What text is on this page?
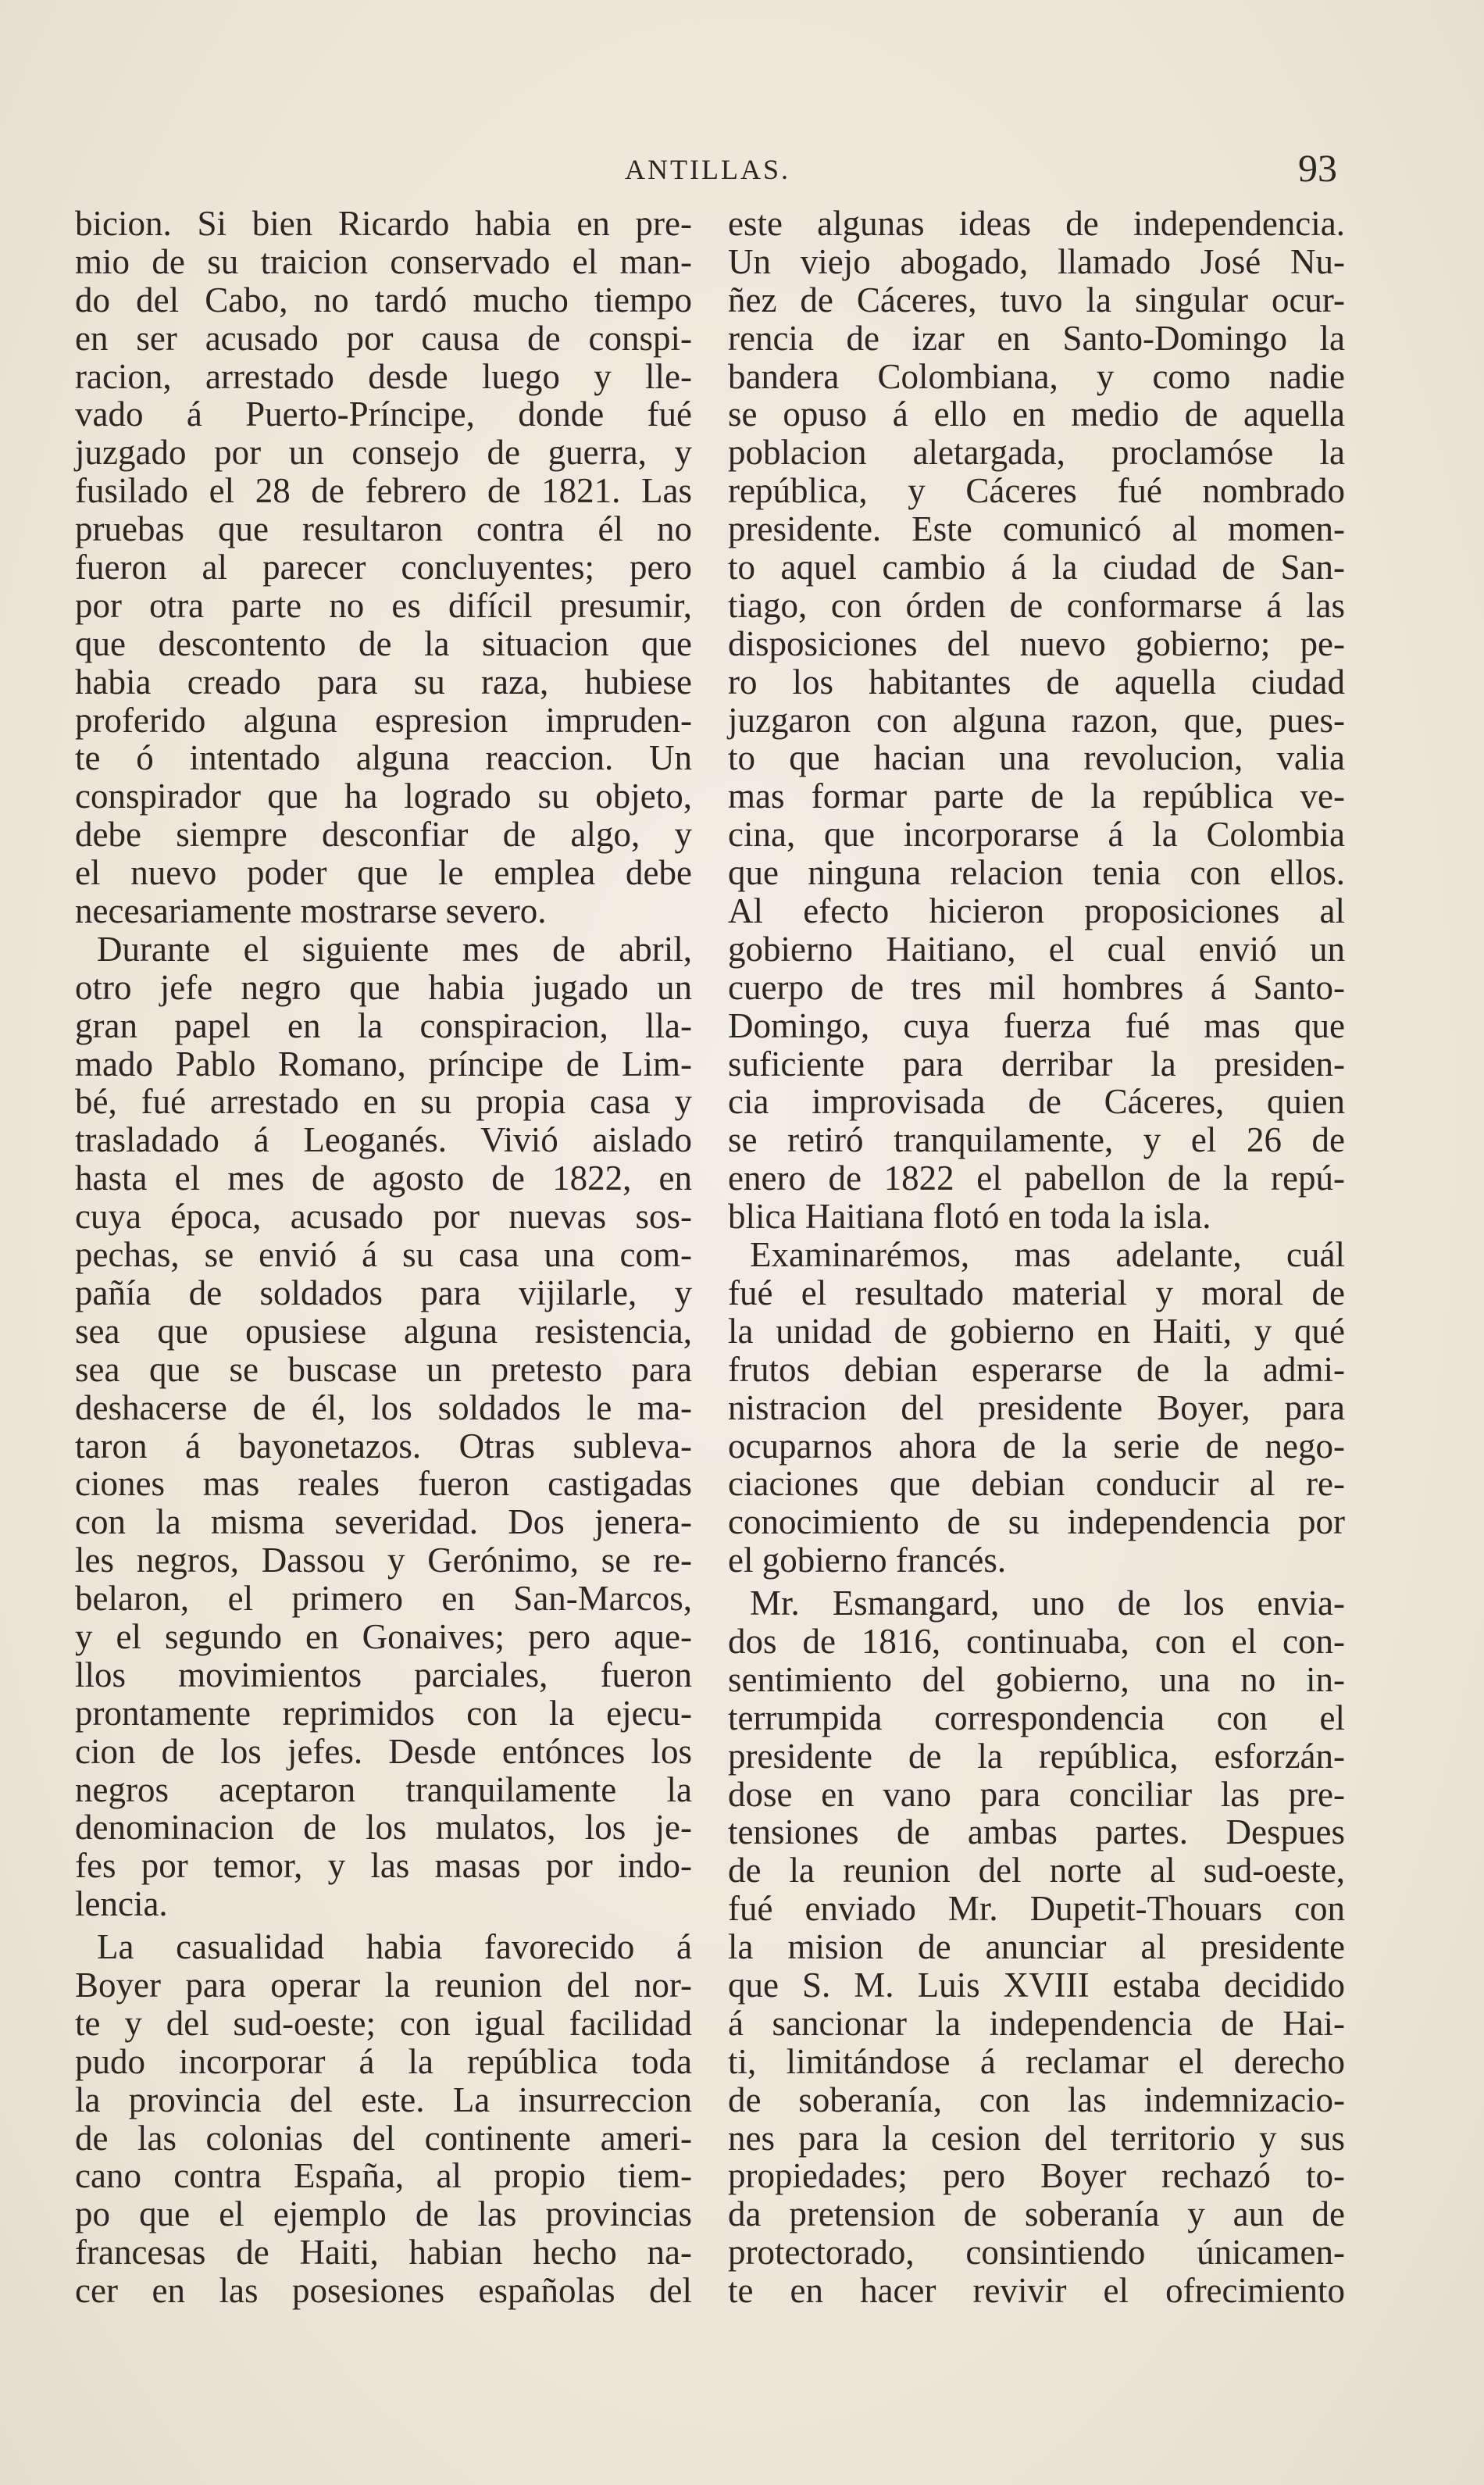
ANTILLAS.	93
bicion. Si bien Ricardo habia en pre-
mio de su traicion conservado el man-
do del Cabo, no tardó mucho tiempo
en ser acusado por causa de conspi-
racion, arrestado desde luego y lle-
vado á Puerto-Príncipe, donde fué
juzgado por un consejo de guerra, y
fusilado el 28 de febrero de 1821. Las
pruebas que resultaron contra él no
fueron al parecer concluyentes; pero
por otra parte no es difícil presumir,
que descontento de la situacion que
habia creado para su raza, hubiese
proferido alguna espresion impruden-
te ó intentado alguna reaccion. Un
conspirador que ha logrado su objeto,
debe siempre desconfiar de algo, y
el nuevo poder que le emplea debe
necesariamente mostrarse severo.
Durante el siguiente mes de abril,
otro jefe negro que habia jugado un
gran papel en la conspiracion, lla-
mado Pablo Romano, príncipe de Lim-
bé, fué arrestado en su propia casa y
trasladado á Leoganés. Vivió aislado
hasta el mes de agosto de 1822, en
cuya época, acusado por nuevas sos-
pechas, se envió á su casa una com-
pañía de soldados para vijilarle, y
sea que opusiese alguna resistencia,
sea que se buscase un pretesto para
deshacerse de él, los soldados le ma-
taron á bayonetazos. Otras subleva-
ciones mas reales fueron castigadas
con la misma severidad. Dos jenera-
les negros, Dassou y Gerónimo, se re-
belaron, el primero en San-Marcos,
y el segundo en Gonaives; pero aque-
llos movimientos parciales, fueron
prontamente reprimidos con la ejecu-
cion de los jefes. Desde entónces los
negros aceptaron tranquilamente la
denominacion de los mulatos, los je-
fes por temor, y las masas por indo-
lencia.
La casualidad habia favorecido á
Boyer para operar la reunion del nor-
te y del sud-oeste; con igual facilidad
pudo incorporar á la república toda
la provincia del este. La insurreccion
de las colonias del continente ameri-
cano contra España, al propio tiem-
po que el ejemplo de las provincias
francesas de Haiti, habian hecho na-
cer en las posesiones españolas del
este algunas ideas de independencia.
Un viejo abogado, llamado José Nu-
ñez de Cáceres, tuvo la singular ocur-
rencia de izar en Santo-Domingo la
bandera Colombiana, y como nadie
se opuso á ello en medio de aquella
poblacion aletargada, proclamóse la
república, y Cáceres fué nombrado
presidente. Este comunicó al momen-
to aquel cambio á la ciudad de San-
tiago, con órden de conformarse á las
disposiciones del nuevo gobierno; pe-
ro los habitantes de aquella ciudad
juzgaron con alguna razon, que, pues-
to que hacian una revolucion, valia
mas formar parte de la república ve-
cina, que incorporarse á la Colombia
que ninguna relacion tenia con ellos.
Al efecto hicieron proposiciones al
gobierno Haitiano, el cual envió un
cuerpo de tres mil hombres á Santo-
Domingo, cuya fuerza fué mas que
suficiente para derribar la presiden-
cia improvisada de Cáceres, quien
se retiró tranquilamente, y el 26 de
enero de 1822 el pabellon de la repú-
blica Haitiana flotó en toda la isla.
Examinarémos, mas adelante, cuál
fué el resultado material y moral de
la unidad de gobierno en Haiti, y qué
frutos debian esperarse de la admi-
nistracion del presidente Boyer, para
ocuparnos ahora de la serie de nego-
ciaciones que debian conducir al re-
conocimiento de su independencia por
el gobierno francés.
Mr. Esmangard, uno de los envia-
dos de 1816, continuaba, con el con-
sentimiento del gobierno, una no in-
terrumpida correspondencia con el
presidente de la república, esforzán-
dose en vano para conciliar las pre-
tensiones de ambas partes. Despues
de la reunion del norte al sud-oeste,
fué enviado Mr. Dupetit-Thouars con
la mision de anunciar al presidente
que S. M. Luis XVIII estaba decidido
á sancionar la independencia de Hai-
ti, limitándose á reclamar el derecho
de soberanía, con las indemnizacio-
nes para la cesion del territorio y sus
propiedades; pero Boyer rechazó to-
da pretension de soberanía y aun de
protectorado, consintiendo únicamen-
te en hacer revivir el ofrecimiento
